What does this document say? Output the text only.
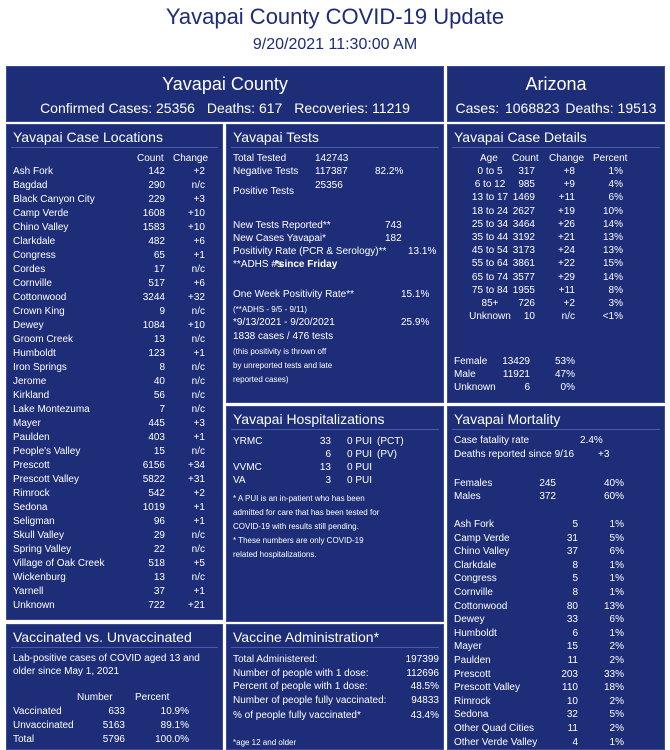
Yavapai County COVID-19 Update
9/20/2021 11:30:00 AM
Yavapai County
Confirmed Cases: 25356 Deaths: 617 Recoveries: 11219
Arizona
Cases: 1068823 Deaths: 19513
Yavapai Case Locations
Count Change
Ash Fork	142	+2
Bagdad	290	n/c
Black Canyon City	229	+3
Camp Verde	1608	+10
Chino Valley	1583	+10
Clarkdale	482	+6
Congress	65	+1
Cordes	17	n/c
Cornville	517	+6
Cottonwood	3244	+32
Crown King	9	n/c
Dewey	1084	+10
Groom Creek	13	n/c
Humboldt	123	+1
Iron Springs	8	n/c
Jerome	40	n/c
Kirkland	56	n/c
Lake Montezuma	7	n/c
Mayer	445	+3
Paulden	403	+1
People's Valley	15	n/c
Prescott	6156	+34
Prescott Valley	5822	+31
Rimrock	542	+2
Sedona	1019	+1
Seligman	96	+1
Skull Valley	29	n/c
Spring Valley	22	n/c
Village of Oak Creek	518	+5
Wickenburg	13	n/c
Yarnell	37	+1
Unknown	722	+21
Yavapai Tests
Total Tested	142743
Negative Tests 117387	82.2%
Positive Tests
25356
New Tests Reported**	743
New Cases Yavapai*	182
Positivity Rate (PCR & Serology)** 13.1%
**ADHS #s
*since Friday
One Week Positivity Rate**	15.1%
(**ADHS - 9/5 - 9/11)
*9/13/2021 - 9/20/2021	25.9%
1838 cases / 476 tests
(this positivity is thrown off
by unreported tests and late
reported cases)
Yavapai Case Details
Age Count Change Percent
0 to 5	317	+8	1%
6 to 12	985	+9	4%
13 to 17 1469	+11	6%
18 to 24 2627	+19	10%
25 to 34 3464	+26	14%
35 to 44 3192	+21	13%
45 to 54 3173	+24	13%
55 to 64 3861	+22	15%
65 to 74 3577	+29	14%
75 to 84 1955	+11	8%
85+	726	+2	3%
Unknown	10	n/c	<1%
Female	13429	53%
Male	11921	47%
Unknown	6	0%
Yavapai Hospitalizations
YRMC	33 0 PUI (PCT)
6 0 PUI (PV)
VVMC	13 0 PUI
VA	3 0 PUI
* A PUI is an in-patient who has been
admitted for care that has been tested for
COVID-19 with results still pending.
* These numbers are only COVID-19
related hospitalizations.
Yavapai Mortality
Case fatality rate	2.4%
Deaths reported since 9/16 +3
Females	245	40%
Males	372	60%
Ash Fork	5	1%
Camp Verde	31	5%
Chino Valley	37	6%
Clarkdale	8	1%
Congress	5	1%
Cornville	8	1%
Cottonwood	80	13%
Dewey	33	6%
Humboldt	6	1%
Mayer	15	2%
Paulden	11	2%
Prescott	203	33%
Prescott Valley	110	18%
Rimrock	10	2%
Sedona	32	5%
Other Quad Cities	11	2%
Other Verde Valley	4	1%
Vaccinated vs. Unvaccinated
Lab-positive cases of COVID aged 13 and
older since May 1, 2021
Number Percent
Vaccinated	633	10.9%
Unvaccinated	5163	89.1%
Total	5796	100.0%
Vaccine Administration*
Total Administered:	197399
Number of people with 1 dose:	112696
Percent of people with 1 dose:	48.5%
Number of people fully vaccinated:	94833
% of people fully vaccinated*	43.4%
*age 12 and older
